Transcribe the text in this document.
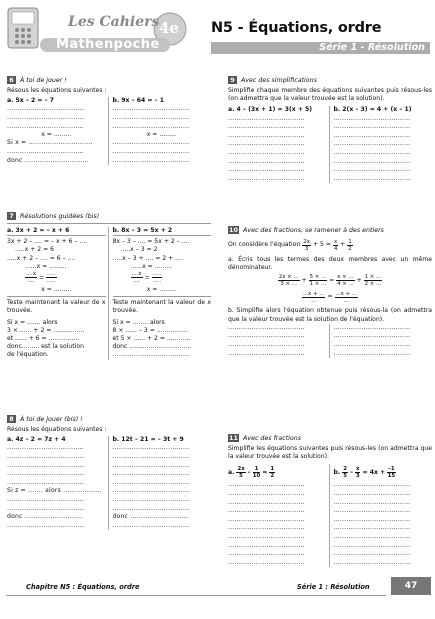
Les Cahiers
Mathenpoche
4e N5 - Équations, ordre
Série 1 - Résolution
6 À toi de jouer !

Résous les équations suivantes :

a. 5x – 2 = – 7

....................................

....................................

....................................

x = .........

Si x = ..............................

....................................

donc ..............................

b. 9x – 64 = – 1

....................................

....................................

....................................

x = .........

....................................

....................................

....................................

7 Résolutions guidées (bis)

a. 3x + 2 = – x + 6

3x + 2 – .... = – x + 6 – ....

.....x + 2 = 6

.....x + 2 – .... = 6 – ....

......x = .........

$\frac{....x}{....} = \frac{.....}{.....}$

x = .........

Teste maintenant la valeur de x trouvée.

Si x = ....... alors

3 × ...... + 2 = ................

et ...... + 6 = ................

donc......... est la solution

de l'équation.

b. 8x – 3 = 5x + 2

8x – 3 – .... = 5x + 2 – ....

.....x – 3 = 2

.....x – 3 + .... = 2 + ....

......x = .........

$\frac{....x}{....} = \frac{.....}{.....}$

x = .........

Teste maintenant la valeur de x trouvée.

Si x = ........ alors

8 × ...... – 3 = ................

et 5 × ...... + 2 = ............

donc ................................

....................................

8 À toi de jouer (bis) !

Résous les équations suivantes :

a. 4z – 2 = 7z + 4

....................................

....................................

....................................

....................................

....................................

Si z = ....... alors ..................

....................................

....................................

donc ...........................

....................................

b. 12t – 21 = – 3t + 9

....................................

....................................

....................................

....................................

....................................

....................................

....................................

....................................

donc ...........................

....................................

9 Avec des simplifications

Simplifie chaque membre des équations suivantes puis résous-les (on admettra que la valeur trouvée est la solution).

a. 4 – (3x + 1) = 3(x + 5)

....................................

....................................

....................................

....................................

....................................

....................................

....................................

....................................

b. 2(x – 3) = 4 + (x – 1)

....................................

....................................

....................................

....................................

....................................

....................................

....................................

....................................

10 Avec des fractions, se ramener à des entiers

On considère l'équation $\frac{2x}{3} + 5 = \frac{x}{4} + \frac{1}{2}$

a. Écris tous les termes des deux membres avec un même dénominateur.

$\frac{2x \times ...}{3 \times ...} + \frac{5 \times ...}{1 \times ...} = \frac{x \times ...}{4 \times ...} + \frac{1 \times ...}{2 \times ...}$

$\frac{...x + ...}{...} = \frac{...x + ...}{...}$

b. Simplifie alors l'équation obtenue puis résous-la (on admettra que la valeur trouvée est la solution de l'équation).

....................................

....................................

....................................

....................................

....................................

....................................

....................................

....................................

11 Avec des fractions

Simplifie les équations suivantes puis résous-les (on admettra que la valeur trouvée est la solution).

a. $\frac{2x}{5} - \frac{1}{10} = \frac{1}{2}$

....................................

....................................

....................................

....................................

....................................

....................................

....................................

....................................

....................................

....................................

b. $\frac{2}{5} - \frac{x}{3} = 4x + \frac{-1}{15}$

....................................

....................................

....................................

....................................

....................................

....................................

....................................

....................................

....................................

....................................

Chapitre N5 : Équations, ordre	Série 1 : Résolution	47
